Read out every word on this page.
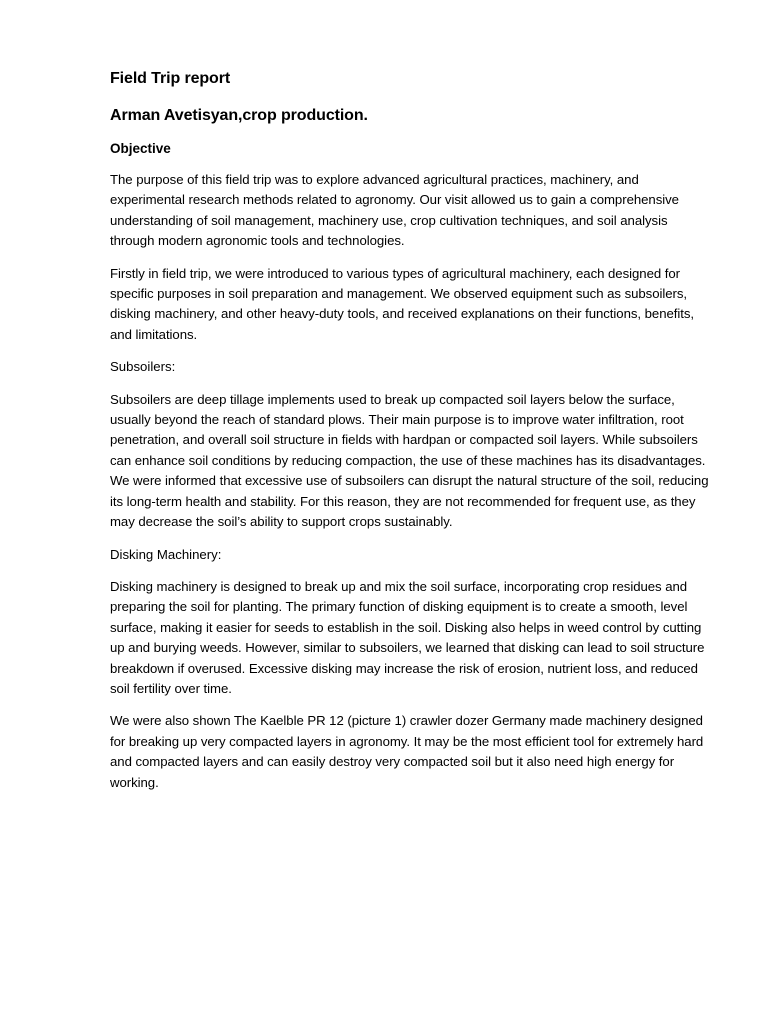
Field Trip report
Arman Avetisyan,crop production.
Objective

The purpose of this field trip was to explore advanced agricultural practices, machinery, and experimental research methods related to agronomy. Our visit allowed us to gain a comprehensive understanding of soil management, machinery use, crop cultivation techniques, and soil analysis through modern agronomic tools and technologies.

Firstly in field trip, we were introduced to various types of agricultural machinery, each designed for specific purposes in soil preparation and management. We observed equipment such as subsoilers, disking machinery, and other heavy-duty tools, and received explanations on their functions, benefits, and limitations.

Subsoilers:

Subsoilers are deep tillage implements used to break up compacted soil layers below the surface, usually beyond the reach of standard plows. Their main purpose is to improve water infiltration, root penetration, and overall soil structure in fields with hardpan or compacted soil layers. While subsoilers can enhance soil conditions by reducing compaction, the use of these machines has its disadvantages. We were informed that excessive use of subsoilers can disrupt the natural structure of the soil, reducing its long-term health and stability. For this reason, they are not recommended for frequent use, as they may decrease the soil’s ability to support crops sustainably.

Disking Machinery:

Disking machinery is designed to break up and mix the soil surface, incorporating crop residues and preparing the soil for planting. The primary function of disking equipment is to create a smooth, level surface, making it easier for seeds to establish in the soil. Disking also helps in weed control by cutting up and burying weeds. However, similar to subsoilers, we learned that disking can lead to soil structure breakdown if overused. Excessive disking may increase the risk of erosion, nutrient loss, and reduced soil fertility over time.

We were also shown The Kaelble PR 12 (picture 1) crawler dozer Germany made machinery designed for breaking up very compacted layers in agronomy. It may be the most efficient tool for extremely hard and compacted layers and can easily destroy very compacted soil but it also need high energy for working.
